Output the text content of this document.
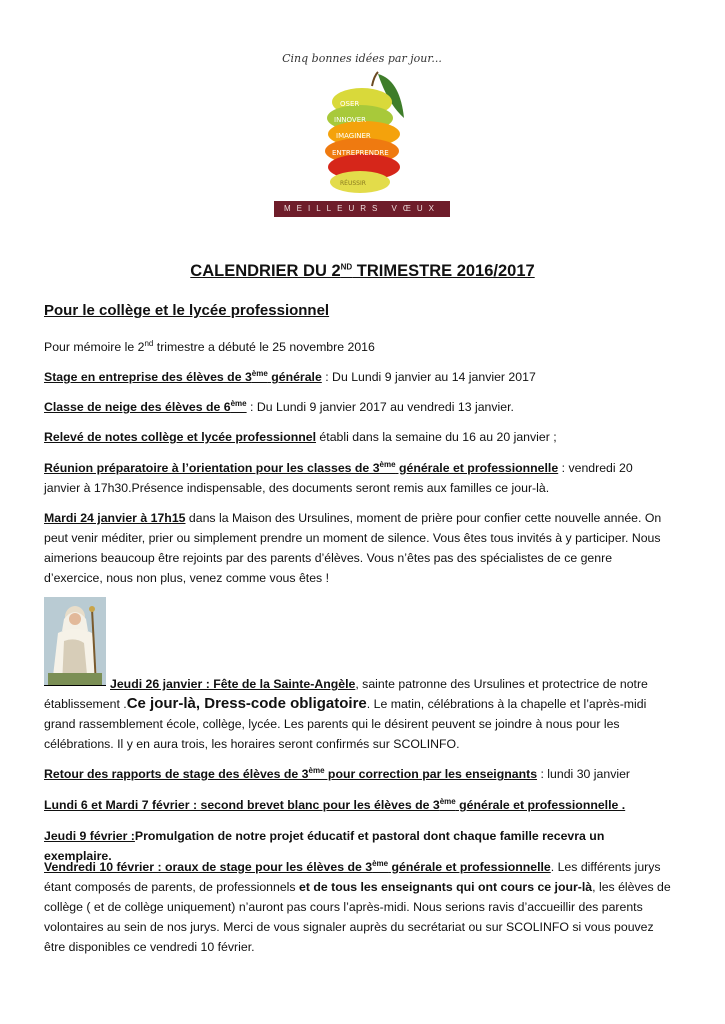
Cinq bonnes idées par jour...
OSER
INNOVER
IMAGINER
ENTREPRENDRE
RÉUSSIR
MEILLEURS VŒUX
CALENDRIER DU 2ND TRIMESTRE 2016/2017
Pour le collège et le lycée professionnel
Pour mémoire le 2nd trimestre a débuté le 25 novembre 2016
Stage en entreprise des élèves de 3ème générale : Du Lundi 9 janvier au 14 janvier 2017
Classe de neige des élèves de 6ème : Du Lundi 9 janvier 2017 au vendredi 13 janvier.
Relevé de notes collège et lycée professionnel établi dans la semaine du 16 au 20 janvier ;
Réunion préparatoire à l’orientation pour les classes de 3ème générale et professionnelle : vendredi 20 janvier à 17h30.Présence indispensable, des documents seront remis aux familles ce jour-là.
Mardi 24 janvier à 17h15 dans la Maison des Ursulines, moment de prière pour confier cette nouvelle année. On peut venir méditer, prier ou simplement prendre un moment de silence. Vous êtes tous invités à y participer. Nous aimerions beaucoup être rejoints par des parents d’élèves. Vous n’êtes pas des spécialistes de ce genre d’exercice, nous non plus, venez comme vous êtes !
Jeudi 26 janvier : Fête de la Sainte-Angèle, sainte patronne des Ursulines et protectrice de notre établissement .Ce jour-là, Dress-code obligatoire. Le matin, célébrations à la chapelle et l’après-midi grand rassemblement école, collège, lycée. Les parents qui le désirent peuvent se joindre à nous pour les célébrations. Il y en aura trois, les horaires seront confirmés sur SCOLINFO.
Retour des rapports de stage des élèves de 3ème pour correction par les enseignants : lundi 30 janvier
Lundi 6 et Mardi 7 février : second brevet blanc pour les élèves de 3ème générale et professionnelle .
Jeudi 9 février :Promulgation de notre projet éducatif et pastoral dont chaque famille recevra un exemplaire.
Vendredi 10 février : oraux de stage pour les élèves de 3ème générale et professionnelle. Les différents jurys étant composés de parents, de professionnels et de tous les enseignants qui ont cours ce jour-là, les élèves de collège ( et de collège uniquement) n’auront pas cours l’après-midi. Nous serions ravis d’accueillir des parents volontaires au sein de nos jurys. Merci de vous signaler auprès du secrétariat ou sur SCOLINFO si vous pouvez être disponibles ce vendredi 10 février.
